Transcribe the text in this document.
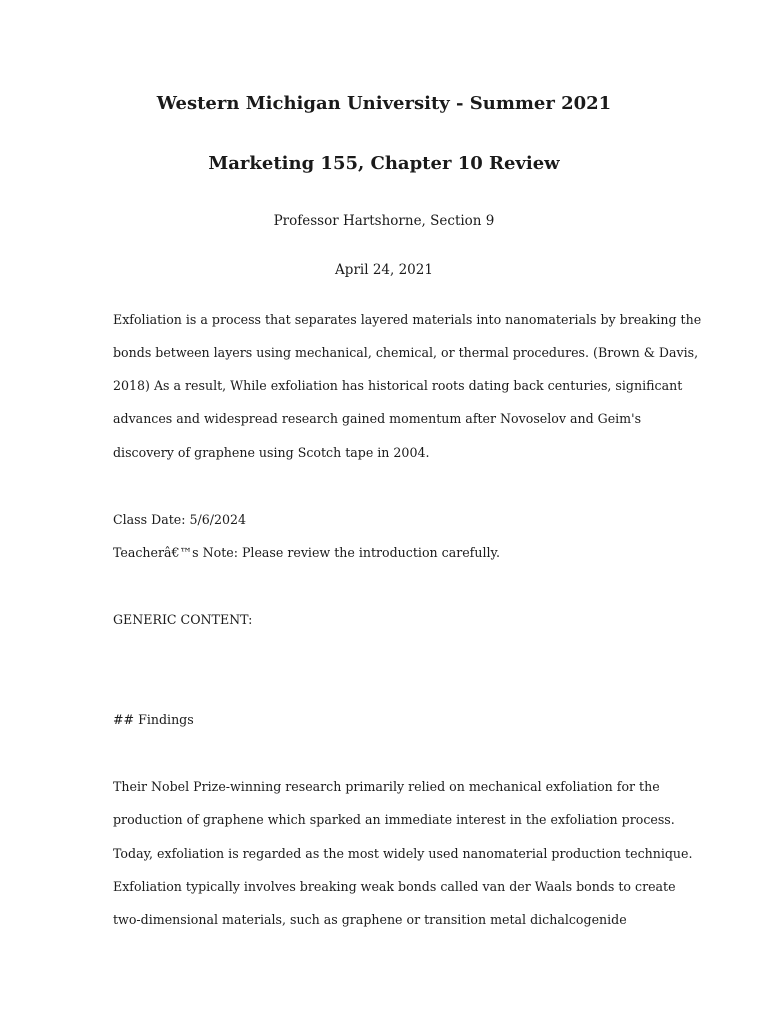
Western Michigan University - Summer 2021
Marketing 155, Chapter 10 Review
Professor Hartshorne, Section 9
April 24, 2021
Exfoliation is a process that separates layered materials into nanomaterials by breaking the
bonds between layers using mechanical, chemical, or thermal procedures. (Brown & Davis,
2018) As a result, While exfoliation has historical roots dating back centuries, significant
advances and widespread research gained momentum after Novoselov and Geim's
discovery of graphene using Scotch tape in 2004.
Class Date: 5/6/2024
Teacherâ€™s Note: Please review the introduction carefully.
GENERIC CONTENT:
## Findings
Their Nobel Prize-winning research primarily relied on mechanical exfoliation for the
production of graphene which sparked an immediate interest in the exfoliation process.
Today, exfoliation is regarded as the most widely used nanomaterial production technique.
Exfoliation typically involves breaking weak bonds called van der Waals bonds to create
two-dimensional materials, such as graphene or transition metal dichalcogenide
